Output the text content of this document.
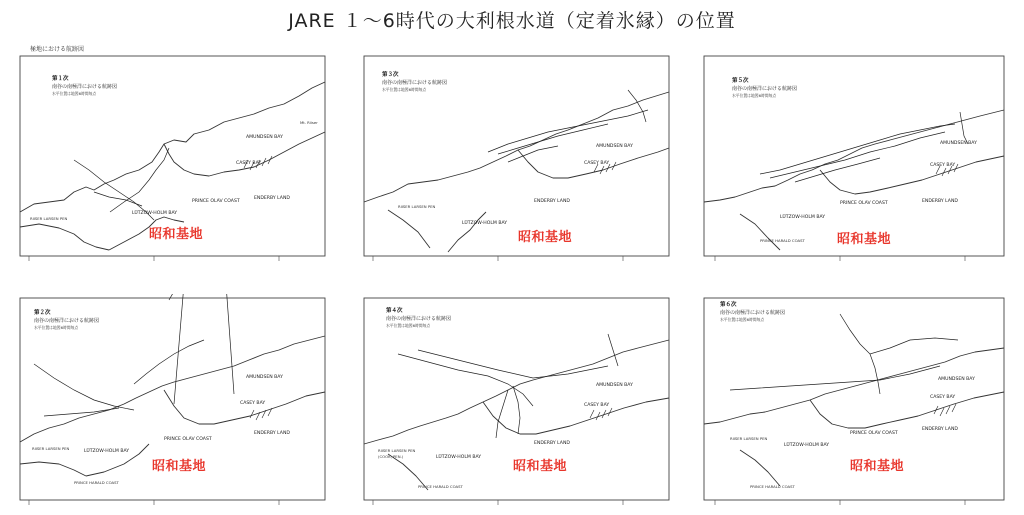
JARE １～6時代の大利根水道（定着氷縁）の位置
極地における航跡図
第１次
南谷の南極洋における航跡図
水平位置は地図6時間毎点
LÜTZOW-HOLM BAY
PRINCE OLAV COAST
ENDERBY LAND
AMUNDSEN BAY
CASEY BAY
RIISER LARSEN PEN
Mt. Riiser
昭和基地
第３次
南谷の南極洋における航跡図
水平位置は地図6時間毎点
LÜTZOW-HOLM BAY
ENDERBY LAND
AMUNDSEN BAY
CASEY BAY
RIISER LARSEN PEN
昭和基地
第５次
南谷の南極洋における航跡図
水平位置は地図6時間毎点
LÜTZOW-HOLM BAY
PRINCE OLAV COAST	ENDERBY LAND
AMUNDSEN BAY
CASEY BAY
PRINCE HARALD COAST 昭和基地
第２次
南谷の南極洋における航跡図
水平位置は地図6時間毎点
LÜTZOW-HOLM BAY
PRINCE OLAV COAST
ENDERBY LAND
AMUNDSEN BAY
CASEY BAY
RIISER LARSEN PEN
PRINCE HARALD COAST
昭和基地
第４次
南谷の南極洋における航跡図
水平位置は地図6時間毎点
LÜTZOW-HOLM BAY
ENDERBY LAND
AMUNDSEN BAY
CASEY BAY
RIISER LARSEN PEN
(COOK, PEN.)
PRINCE HARALD COAST
昭和基地
第６次
南谷の南極洋における航跡図
水平位置は地図6時間毎点
LÜTZOW-HOLM BAY
PRINCE OLAV COAST
ENDERBY LAND
AMUNDSEN BAY
CASEY BAY
RIISER LARSEN PEN
PRINCE HARALD COAST
昭和基地
